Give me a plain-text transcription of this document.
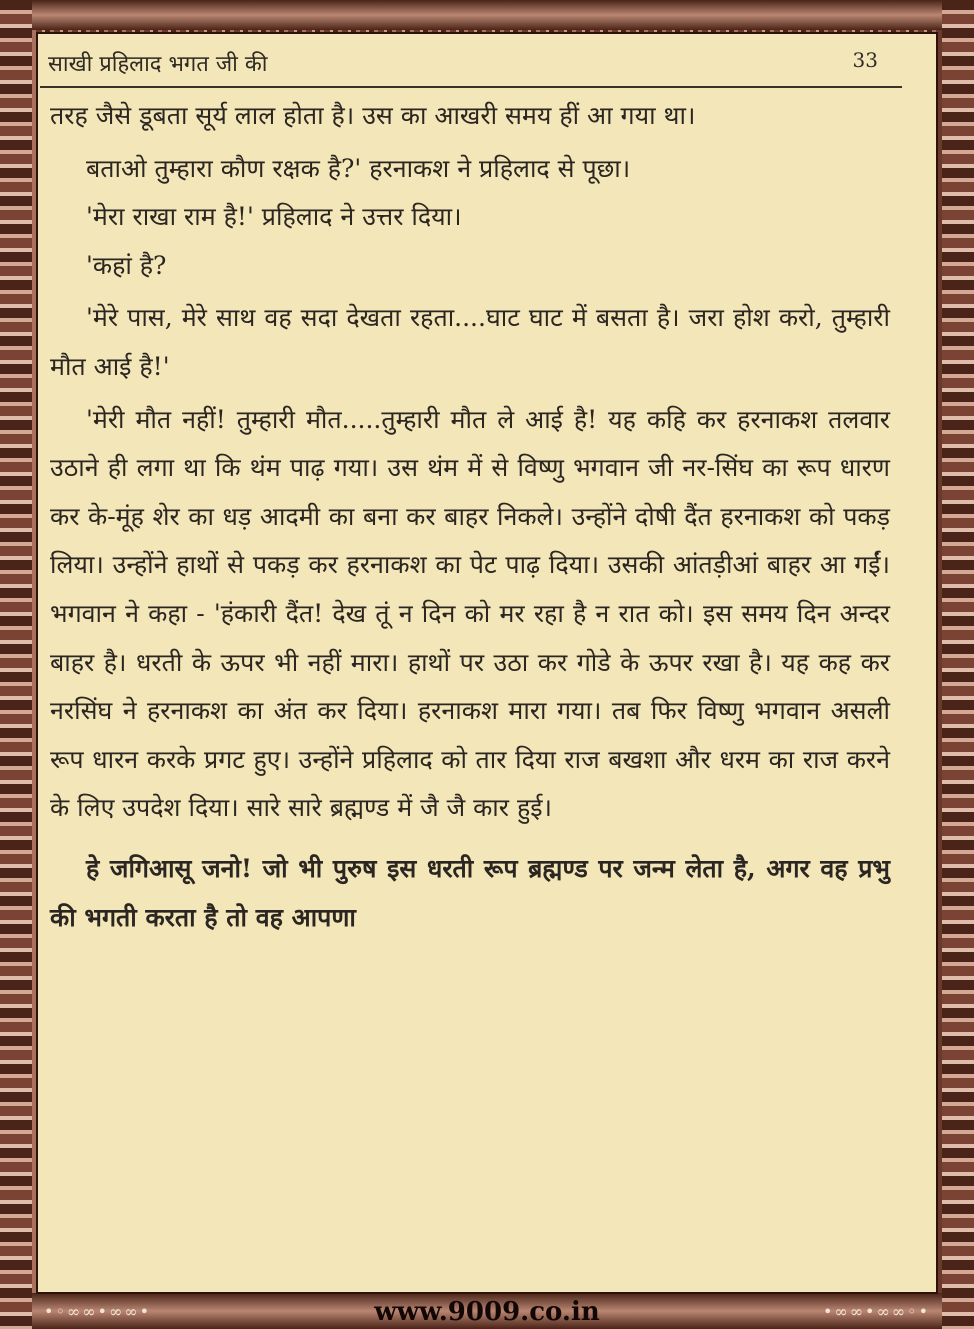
साखी प्रहिलाद भगत जी की	33

तरह जैसे डूबता सूर्य लाल होता है। उस का आखरी समय हीं आ गया था।

बताओ तुम्हारा कौण रक्षक है?' हरनाकश ने प्रहिलाद से पूछा।

'मेरा राखा राम है!' प्रहिलाद ने उत्तर दिया।

'कहां है?

'मेरे पास, मेरे साथ वह सदा देखता रहता....घाट घाट में बसता है। जरा होश करो, तुम्हारी मौत आई है!'

'मेरी मौत नहीं! तुम्हारी मौत.....तुम्हारी मौत ले आई है! यह कहि कर हरनाकश तलवार उठाने ही लगा था कि थंम पाढ़ गया। उस थंम में से विष्णु भगवान जी नर-सिंघ का रूप धारण कर के-मूंह शेर का धड़ आदमी का बना कर बाहर निकले। उन्होंने दोषी दैंत हरनाकश को पकड़ लिया। उन्होंने हाथों से पकड़ कर हरनाकश का पेट पाढ़ दिया। उसकी आंतड़ीआं बाहर आ गईं। भगवान ने कहा - 'हंकारी दैंत! देख तूं न दिन को मर रहा है न रात को। इस समय दिन अन्दर बाहर है। धरती के ऊपर भी नहीं मारा। हाथों पर उठा कर गोडे के ऊपर रखा है। यह कह कर नरसिंघ ने हरनाकश का अंत कर दिया। हरनाकश मारा गया। तब फिर विष्णु भगवान असली रूप धारन करके प्रगट हुए। उन्होंने प्रहिलाद को तार दिया राज बखशा और धरम का राज करने के लिए उपदेश दिया। सारे सारे ब्रह्मण्ड में जै जै कार हुई।

हे जगिआसू जनो! जो भी पुरुष इस धरती रूप ब्रह्मण्ड पर जन्म लेता है, अगर वह प्रभु की भगती करता है तो वह आपणा

•◦∞∞•∞∞•	www.9009.co.in	•∞∞•∞∞◦•
